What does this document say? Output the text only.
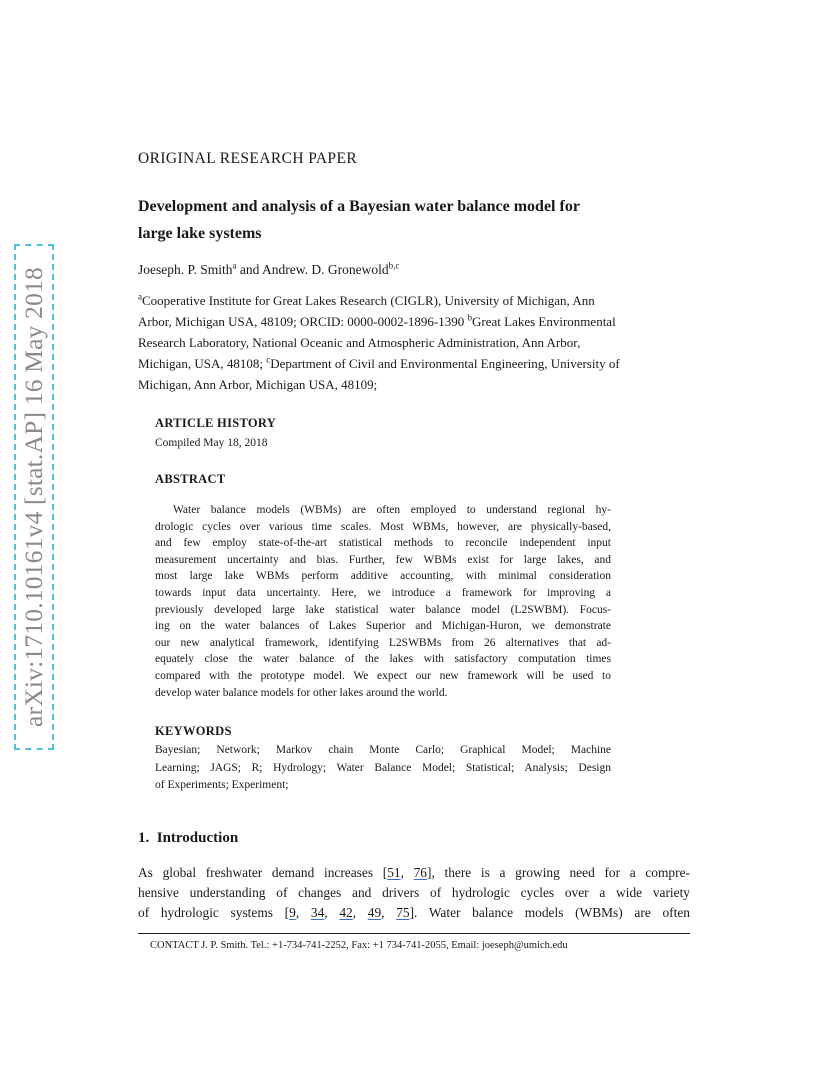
arXiv:1710.10161v4 [stat.AP] 16 May 2018
ORIGINAL RESEARCH PAPER
Development and analysis of a Bayesian water balance model for
large lake systems
Joeseph. P. Smith$^a$ and Andrew. D. Gronewold$^{b,c}$
$^a$Cooperative Institute for Great Lakes Research (CIGLR), University of Michigan, Ann
Arbor, Michigan USA, 48109; ORCID: 0000-0002-1896-1390 $^b$Great Lakes Environmental
Research Laboratory, National Oceanic and Atmospheric Administration, Ann Arbor,
Michigan, USA, 48108; $^c$Department of Civil and Environmental Engineering, University of
Michigan, Ann Arbor, Michigan USA, 48109;
ARTICLE HISTORY
Compiled May 18, 2018
ABSTRACT
Water balance models (WBMs) are often employed to understand regional hy-
drologic cycles over various time scales. Most WBMs, however, are physically-based,
and few employ state-of-the-art statistical methods to reconcile independent input
measurement uncertainty and bias. Further, few WBMs exist for large lakes, and
most large lake WBMs perform additive accounting, with minimal consideration
towards input data uncertainty. Here, we introduce a framework for improving a
previously developed large lake statistical water balance model (L2SWBM). Focus-
ing on the water balances of Lakes Superior and Michigan-Huron, we demonstrate
our new analytical framework, identifying L2SWBMs from 26 alternatives that ad-
equately close the water balance of the lakes with satisfactory computation times
compared with the prototype model. We expect our new framework will be used to
develop water balance models for other lakes around the world.
KEYWORDS
Bayesian; Network; Markov chain Monte Carlo; Graphical Model; Machine
Learning; JAGS; R; Hydrology; Water Balance Model; Statistical; Analysis; Design
of Experiments; Experiment;
1.  Introduction
As global freshwater demand increases [51, 76], there is a growing need for a compre-
hensive understanding of changes and drivers of hydrologic cycles over a wide variety
of hydrologic systems [9, 34, 42, 49, 75]. Water balance models (WBMs) are often
CONTACT J. P. Smith. Tel.: +1-734-741-2252, Fax: +1 734-741-2055, Email: joeseph@umich.edu
